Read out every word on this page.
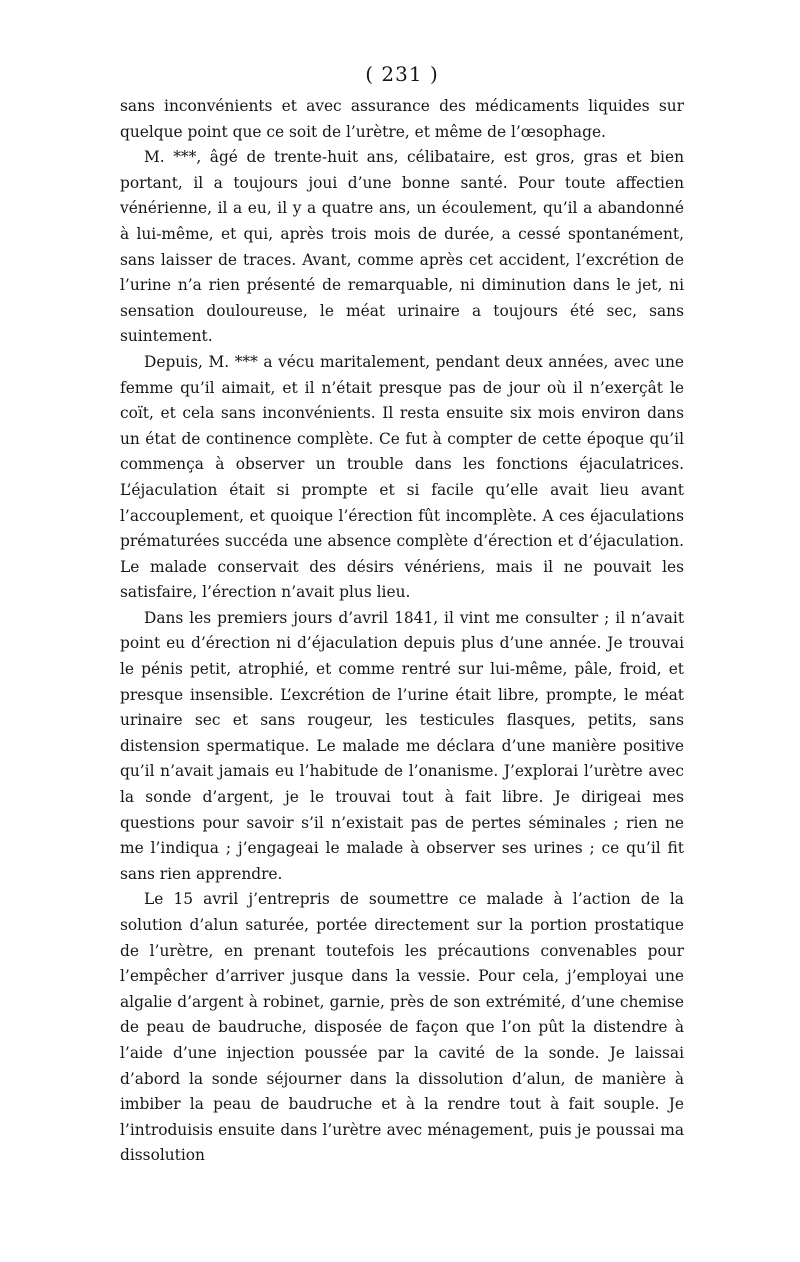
( 231 )

sans inconvénients et avec assurance des médicaments liquides sur quelque point que ce soit de l’urètre, et même de l’œsophage.

M. ***, âgé de trente-huit ans, célibataire, est gros, gras et bien portant, il a toujours joui d’une bonne santé. Pour toute affectien vénérienne, il a eu, il y a quatre ans, un écoulement, qu’il a abandonné à lui-même, et qui, après trois mois de durée, a cessé spontanément, sans laisser de traces. Avant, comme après cet accident, l’excrétion de l’urine n’a rien présenté de remarquable, ni diminution dans le jet, ni sensation douloureuse, le méat urinaire a toujours été sec, sans suintement.

Depuis, M. *** a vécu maritalement, pendant deux années, avec une femme qu’il aimait, et il n’était presque pas de jour où il n’exerçât le coït, et cela sans inconvénients. Il resta ensuite six mois environ dans un état de continence complète. Ce fut à compter de cette époque qu’il commença à observer un trouble dans les fonctions éjaculatrices. L’éjaculation était si prompte et si facile qu’elle avait lieu avant l’accouplement, et quoique l’érection fût incomplète. A ces éjaculations prématurées succéda une absence complète d’érection et d’éjaculation. Le malade conservait des désirs vénériens, mais il ne pouvait les satisfaire, l’érection n’avait plus lieu.

Dans les premiers jours d’avril 1841, il vint me consulter ; il n’avait point eu d’érection ni d’éjaculation depuis plus d’une année. Je trouvai le pénis petit, atrophié, et comme rentré sur lui-même, pâle, froid, et presque insensible. L’excrétion de l’urine était libre, prompte, le méat urinaire sec et sans rougeur, les testicules flasques, petits, sans distension spermatique. Le malade me déclara d’une manière positive qu’il n’avait jamais eu l’habitude de l’onanisme. J’explorai l’urètre avec la sonde d’argent, je le trouvai tout à fait libre. Je dirigeai mes questions pour savoir s’il n’existait pas de pertes séminales ; rien ne me l’indiqua ; j’engageai le malade à observer ses urines ; ce qu’il fit sans rien apprendre.

Le 15 avril j’entrepris de soumettre ce malade à l’action de la solution d’alun saturée, portée directement sur la portion prostatique de l’urètre, en prenant toutefois les précautions convenables pour l’empêcher d’arriver jusque dans la vessie. Pour cela, j’employai une algalie d’argent à robinet, garnie, près de son extrémité, d’une chemise de peau de baudruche, disposée de façon que l’on pût la distendre à l’aide d’une injection poussée par la cavité de la sonde. Je laissai d’abord la sonde séjourner dans la dissolution d’alun, de manière à imbiber la peau de baudruche et à la rendre tout à fait souple. Je l’introduisis ensuite dans l’urètre avec ménagement, puis je poussai ma dissolution
